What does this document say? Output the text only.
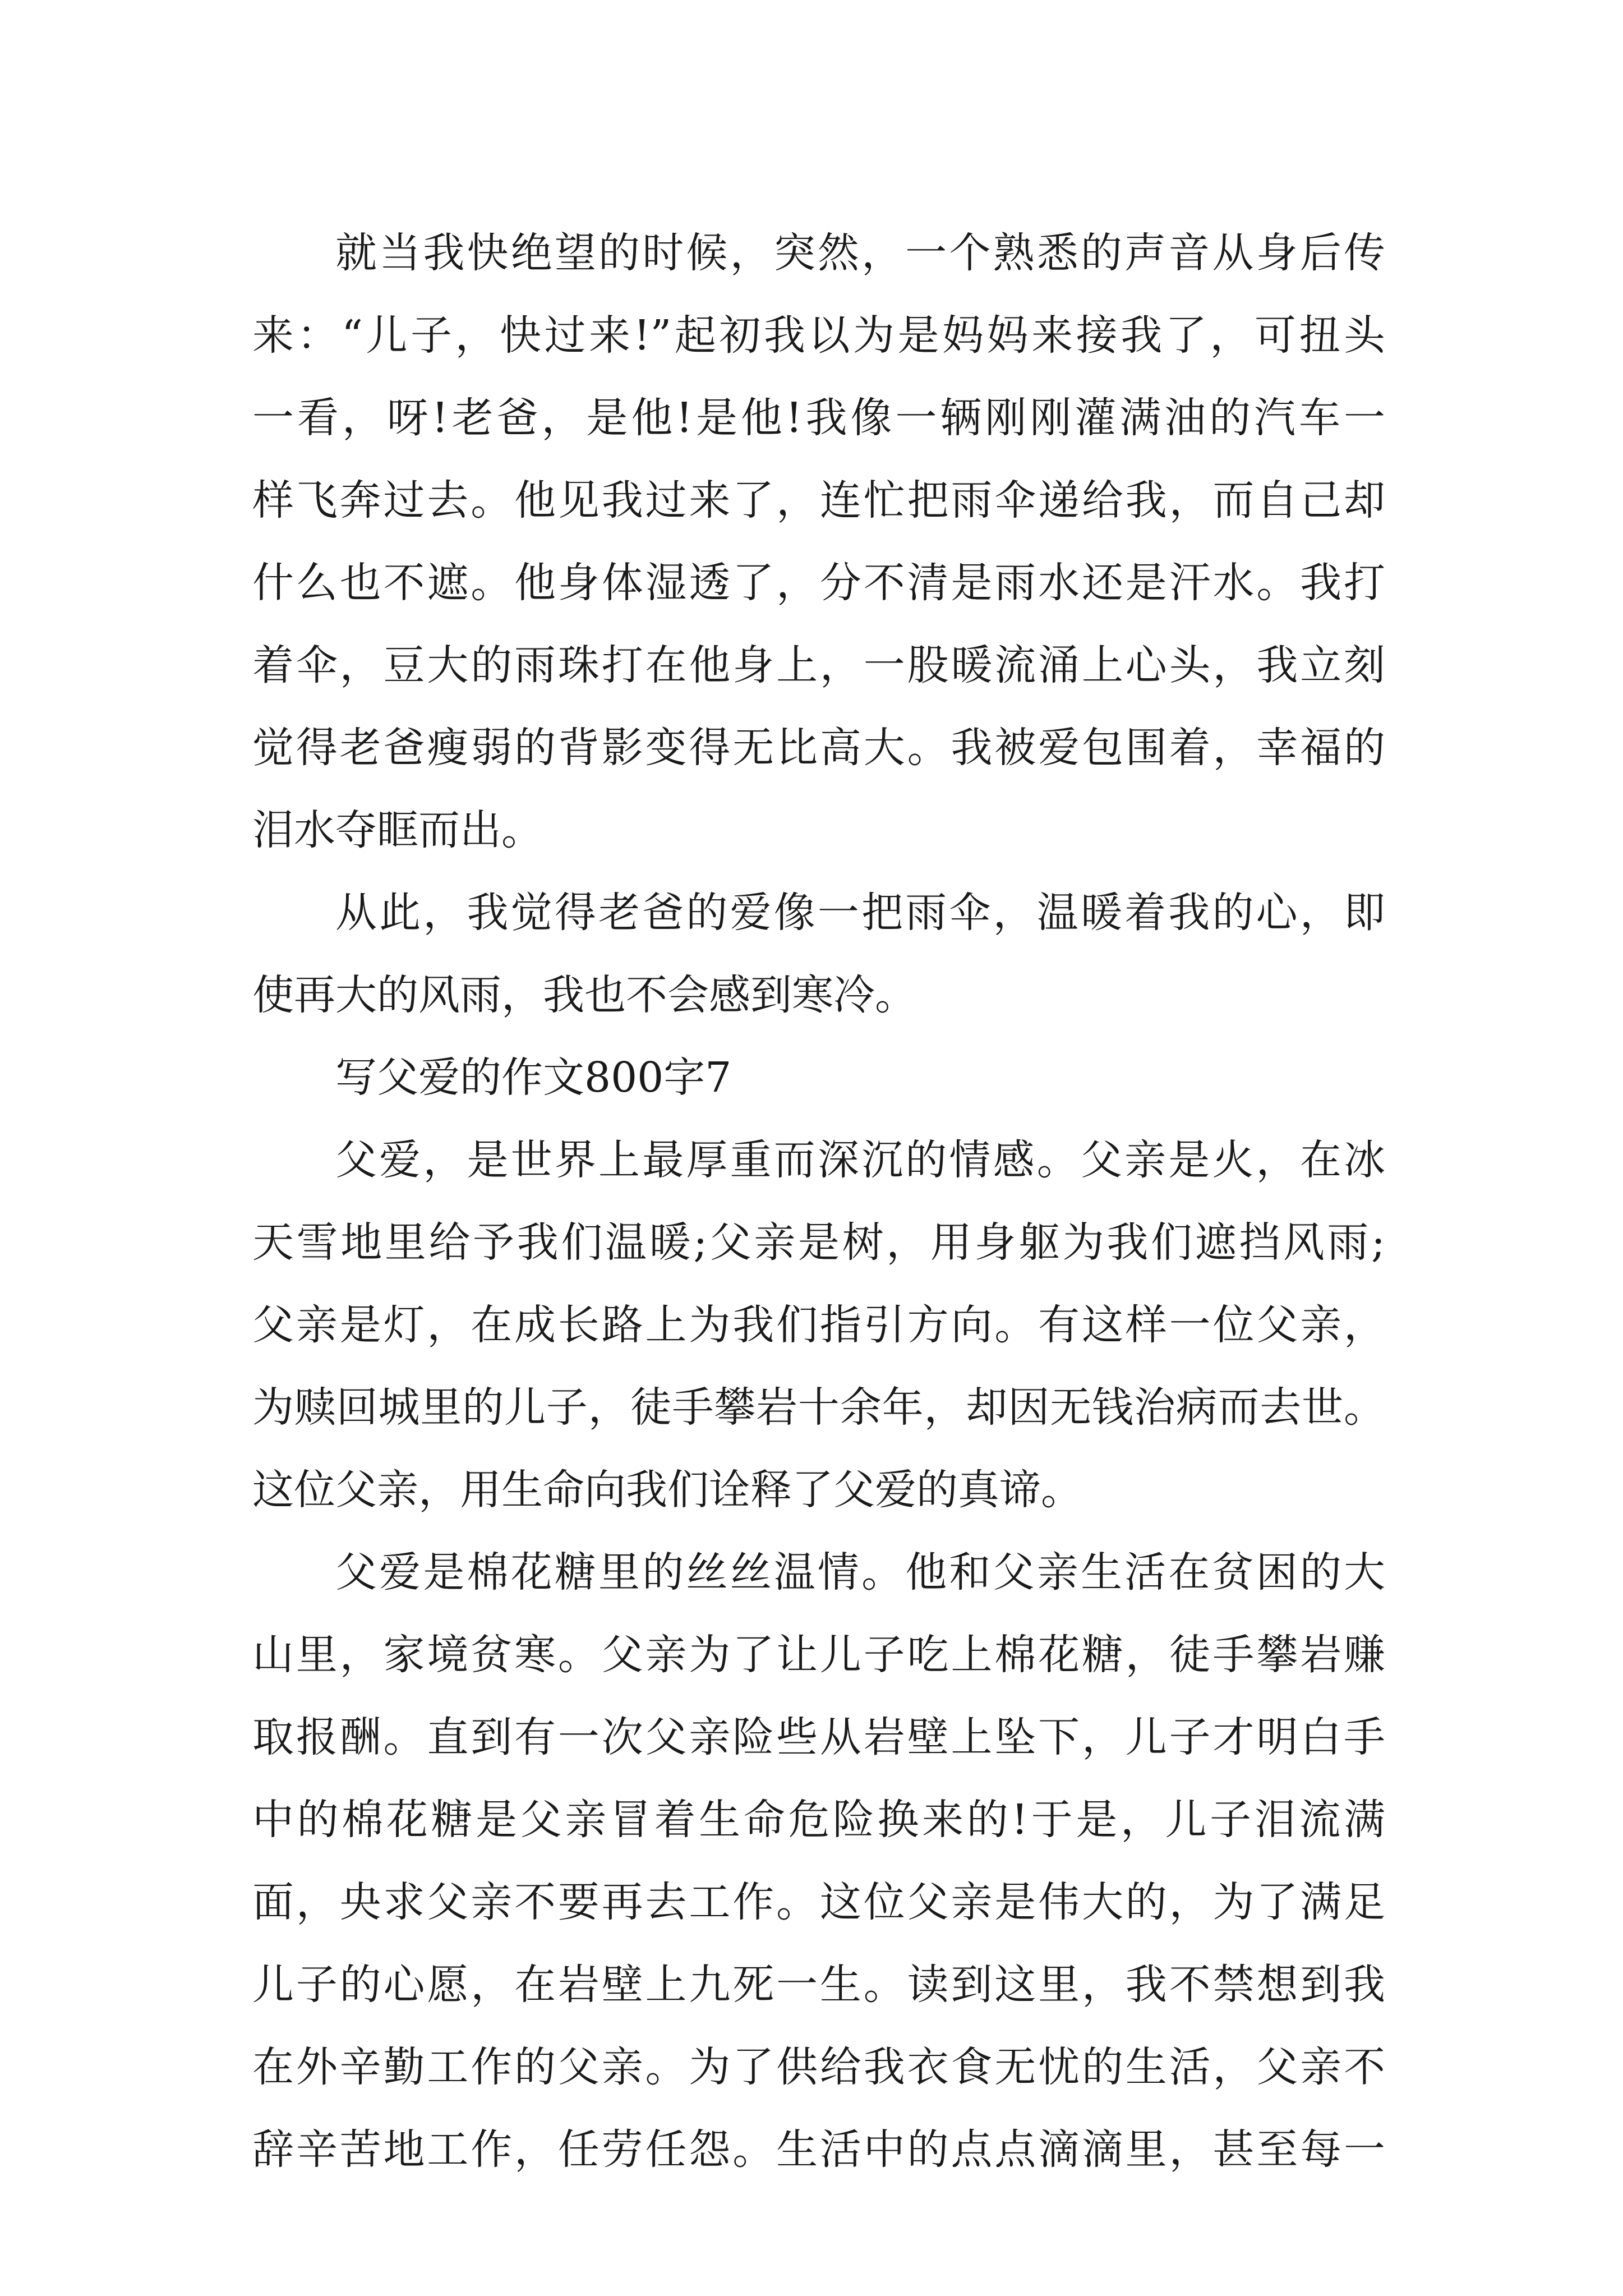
就当我快绝望的时候，突然，一个熟悉的声音从身后传
来：“儿子，快过来!”起初我以为是妈妈来接我了，可扭头
一看，呀!老爸，是他!是他!我像一辆刚刚灌满油的汽车一
样飞奔过去。他见我过来了，连忙把雨伞递给我，而自己却
什么也不遮。他身体湿透了，分不清是雨水还是汗水。我打
着伞，豆大的雨珠打在他身上，一股暖流涌上心头，我立刻
觉得老爸瘦弱的背影变得无比高大。我被爱包围着，幸福的
泪水夺眶而出。
从此，我觉得老爸的爱像一把雨伞，温暖着我的心，即
使再大的风雨，我也不会感到寒冷。
写父爱的作文800字7
父爱，是世界上最厚重而深沉的情感。父亲是火，在冰
天雪地里给予我们温暖;父亲是树，用身躯为我们遮挡风雨;
父亲是灯，在成长路上为我们指引方向。有这样一位父亲，
为赎回城里的儿子，徒手攀岩十余年，却因无钱治病而去世。
这位父亲，用生命向我们诠释了父爱的真谛。
父爱是棉花糖里的丝丝温情。他和父亲生活在贫困的大
山里，家境贫寒。父亲为了让儿子吃上棉花糖，徒手攀岩赚
取报酬。直到有一次父亲险些从岩壁上坠下，儿子才明白手
中的棉花糖是父亲冒着生命危险换来的!于是，儿子泪流满
面，央求父亲不要再去工作。这位父亲是伟大的，为了满足
儿子的心愿，在岩壁上九死一生。读到这里，我不禁想到我
在外辛勤工作的父亲。为了供给我衣食无忧的生活，父亲不
辞辛苦地工作，任劳任怨。生活中的点点滴滴里，甚至每一
